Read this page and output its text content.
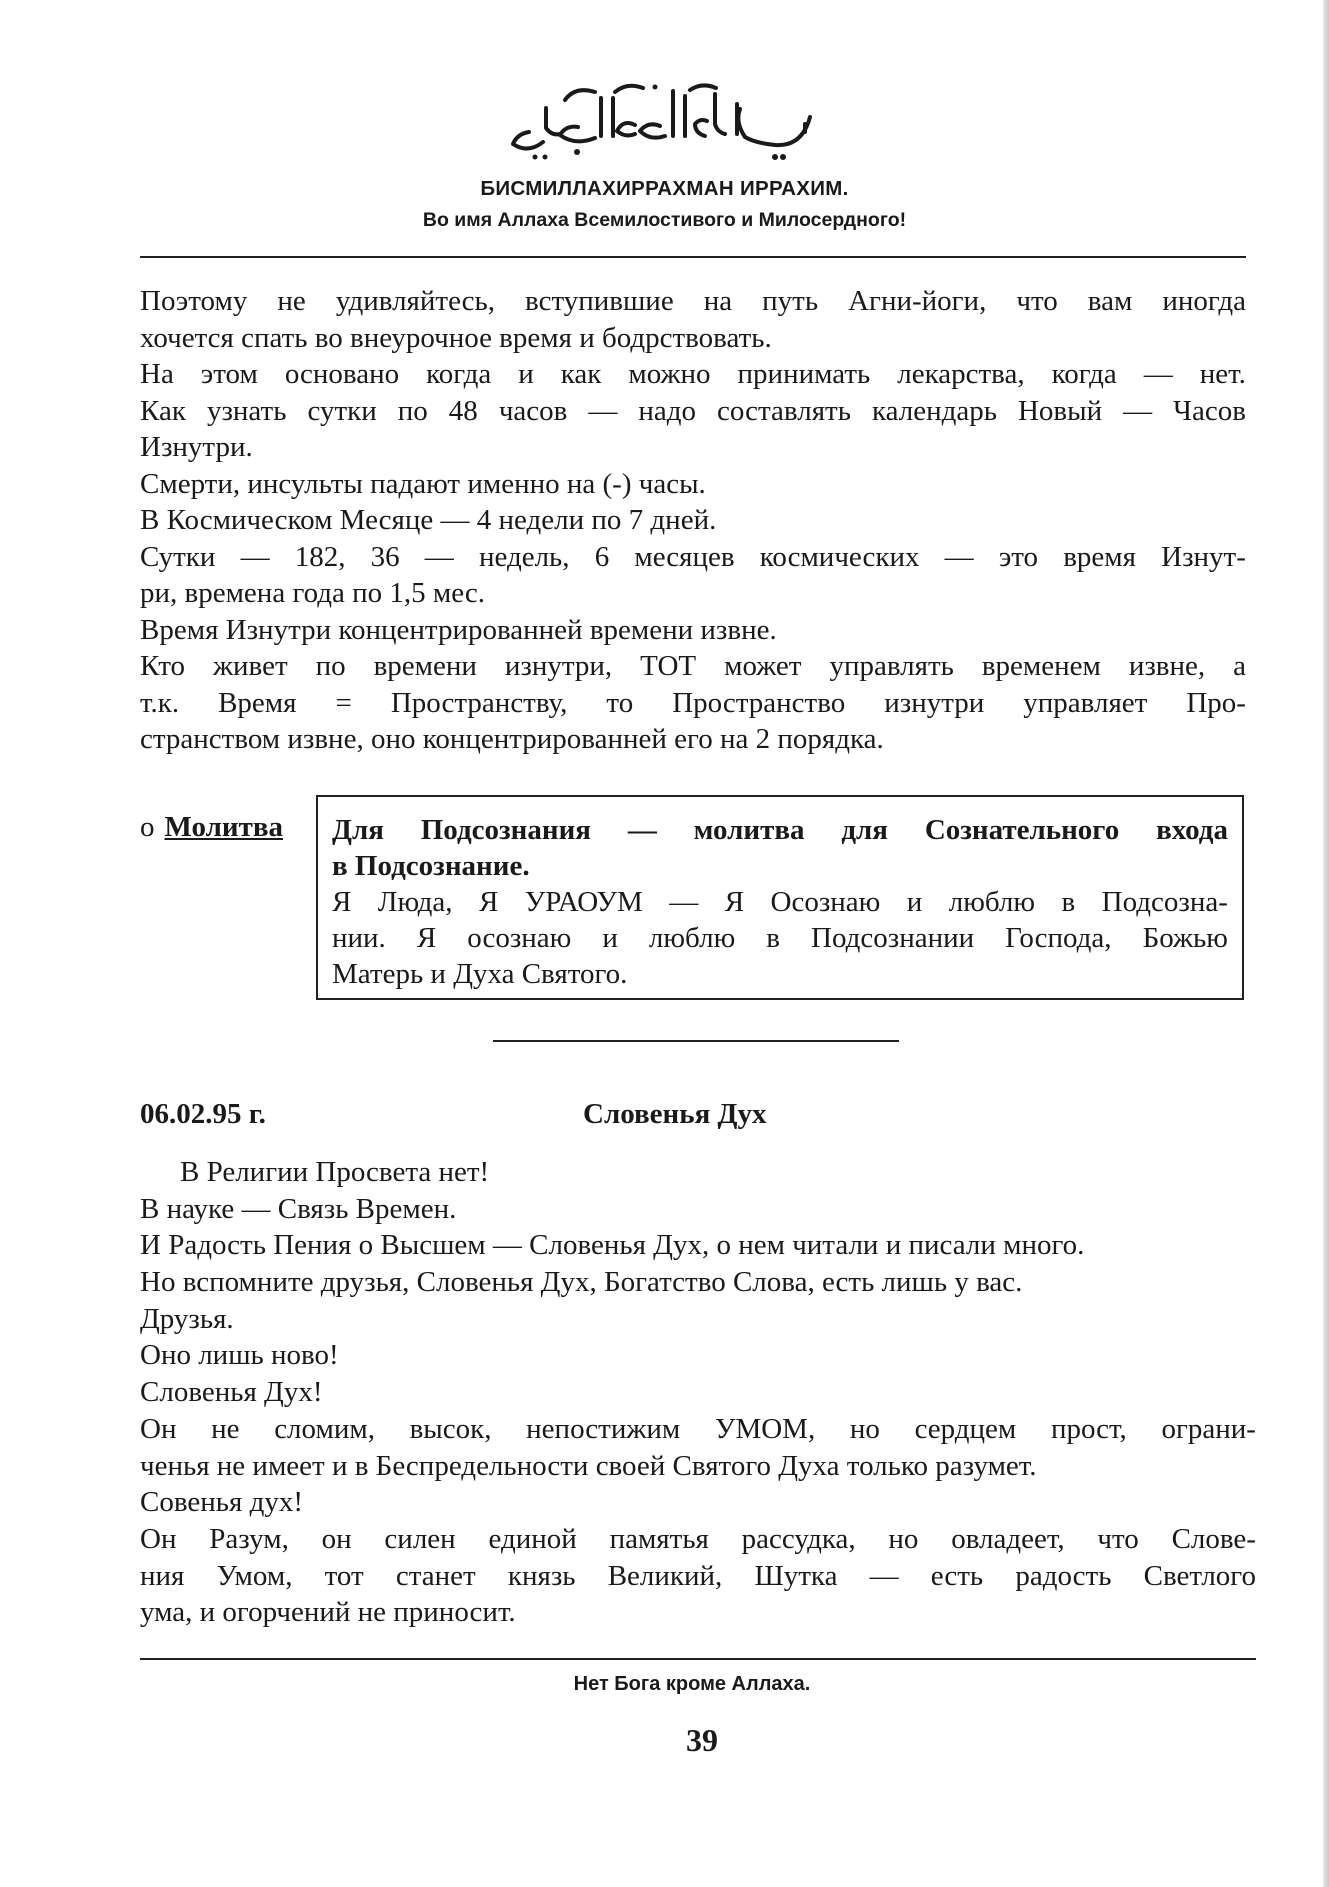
БИСМИЛЛАХИРРАХМАН ИРРАХИМ.
Во имя Аллаха Всемилостивого и Милосердного!
Поэтому не удивляйтесь, вступившие на путь Агни-йоги, что вам иногда
хочется спать во внеурочное время и бодрствовать.
На этом основано когда и как можно принимать лекарства, когда — нет.
Как узнать сутки по 48 часов — надо составлять календарь Новый — Часов
Изнутри.
Смерти, инсульты падают именно на (-) часы.
В Космическом Месяце — 4 недели по 7 дней.
Сутки — 182, 36 — недель, 6 месяцев космических — это время Изнут-
ри, времена года по 1,5 мес.
Время Изнутри концентрированней времени извне.
Кто живет по времени изнутри, ТОТ может управлять временем извне, а
т.к. Время = Пространству, то Пространство изнутри управляет Про-
странством извне, оно концентрированней его на 2 порядка.
о Молитва Для Подсознания — молитва для Сознательного входа
в Подсознание.
Я Люда, Я УРАОУМ — Я Осознаю и люблю в Подсозна-
нии. Я осознаю и люблю в Подсознании Господа, Божью
Матерь и Духа Святого.
06.02.95 г.	Словенья Дух
В Религии Просвета нет!
В науке — Связь Времен.
И Радость Пения о Высшем — Словенья Дух, о нем читали и писали много.
Но вспомните друзья, Словенья Дух, Богатство Слова, есть лишь у вас.
Друзья.
Оно лишь ново!
Словенья Дух!
Он не сломим, высок, непостижим УМОМ, но сердцем прост, ограни-
ченья не имеет и в Беспредельности своей Святого Духа только разумет.
Совенья дух!
Он Разум, он силен единой памятья рассудка, но овладеет, что Слове-
ния Умом, тот станет князь Великий, Шутка — есть радость Светлого
ума, и огорчений не приносит.
Нет Бога кроме Аллаха.
39
